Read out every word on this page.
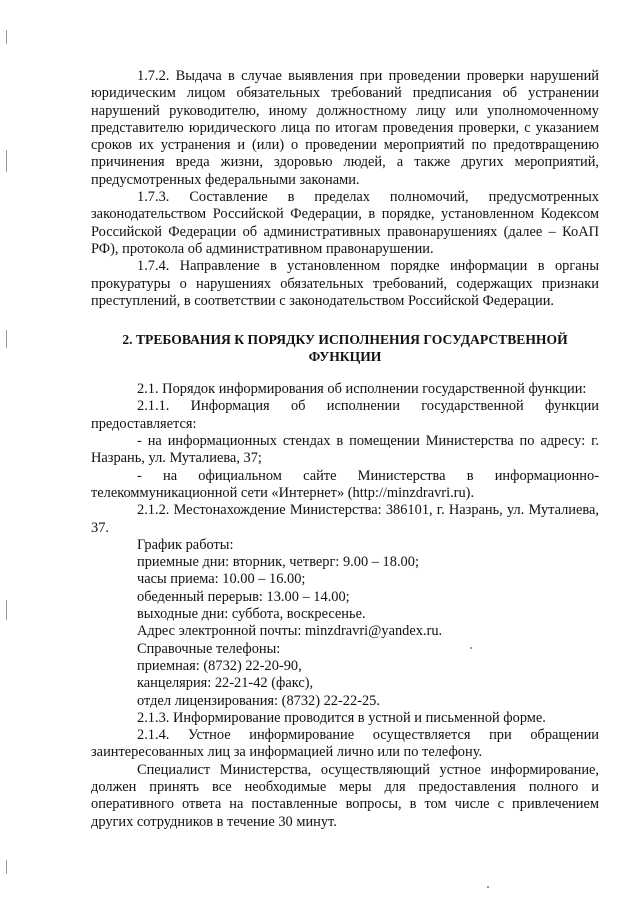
1.7.2. Выдача в случае выявления при проведении проверки нарушений юридическим лицом обязательных требований предписания об устранении нарушений руководителю, иному должностному лицу или уполномоченному представителю юридического лица по итогам проведения проверки, с указанием сроков их устранения и (или) о проведении мероприятий по предотвращению причинения вреда жизни, здоровью людей, а также других мероприятий, предусмотренных федеральными законами.

1.7.3. Составление в пределах полномочий, предусмотренных законодательством Российской Федерации, в порядке, установленном Кодексом Российской Федерации об административных правонарушениях (далее – КоАП РФ), протокола об административном правонарушении.

1.7.4. Направление в установленном порядке информации в органы прокуратуры о нарушениях обязательных требований, содержащих признаки преступлений, в соответствии с законодательством Российской Федерации.

2. ТРЕБОВАНИЯ К ПОРЯДКУ ИСПОЛНЕНИЯ ГОСУДАРСТВЕННОЙ ФУНКЦИИ

2.1. Порядок информирования об исполнении государственной функции:

2.1.1. Информация об исполнении государственной функции предоставляется:

- на информационных стендах в помещении Министерства по адресу: г. Назрань, ул. Муталиева, 37;

- на официальном сайте Министерства в информационно-телекоммуникационной сети «Интернет» (http://minzdravri.ru).

2.1.2. Местонахождение Министерства: 386101, г. Назрань, ул. Муталиева, 37.

График работы:

приемные дни: вторник, четверг: 9.00 – 18.00;

часы приема: 10.00 – 16.00;

обеденный перерыв: 13.00 – 14.00;

выходные дни: суббота, воскресенье.

Адрес электронной почты: minzdravri@yandex.ru.

Справочные телефоны:

приемная: (8732) 22-20-90,

канцелярия: 22-21-42 (факс),

отдел лицензирования: (8732) 22-22-25.

2.1.3. Информирование проводится в устной и письменной форме.

2.1.4. Устное информирование осуществляется при обращении заинтересованных лиц за информацией лично или по телефону.

Специалист Министерства, осуществляющий устное информирование, должен принять все необходимые меры для предоставления полного и оперативного ответа на поставленные вопросы, в том числе с привлечением других сотрудников в течение 30 минут.
